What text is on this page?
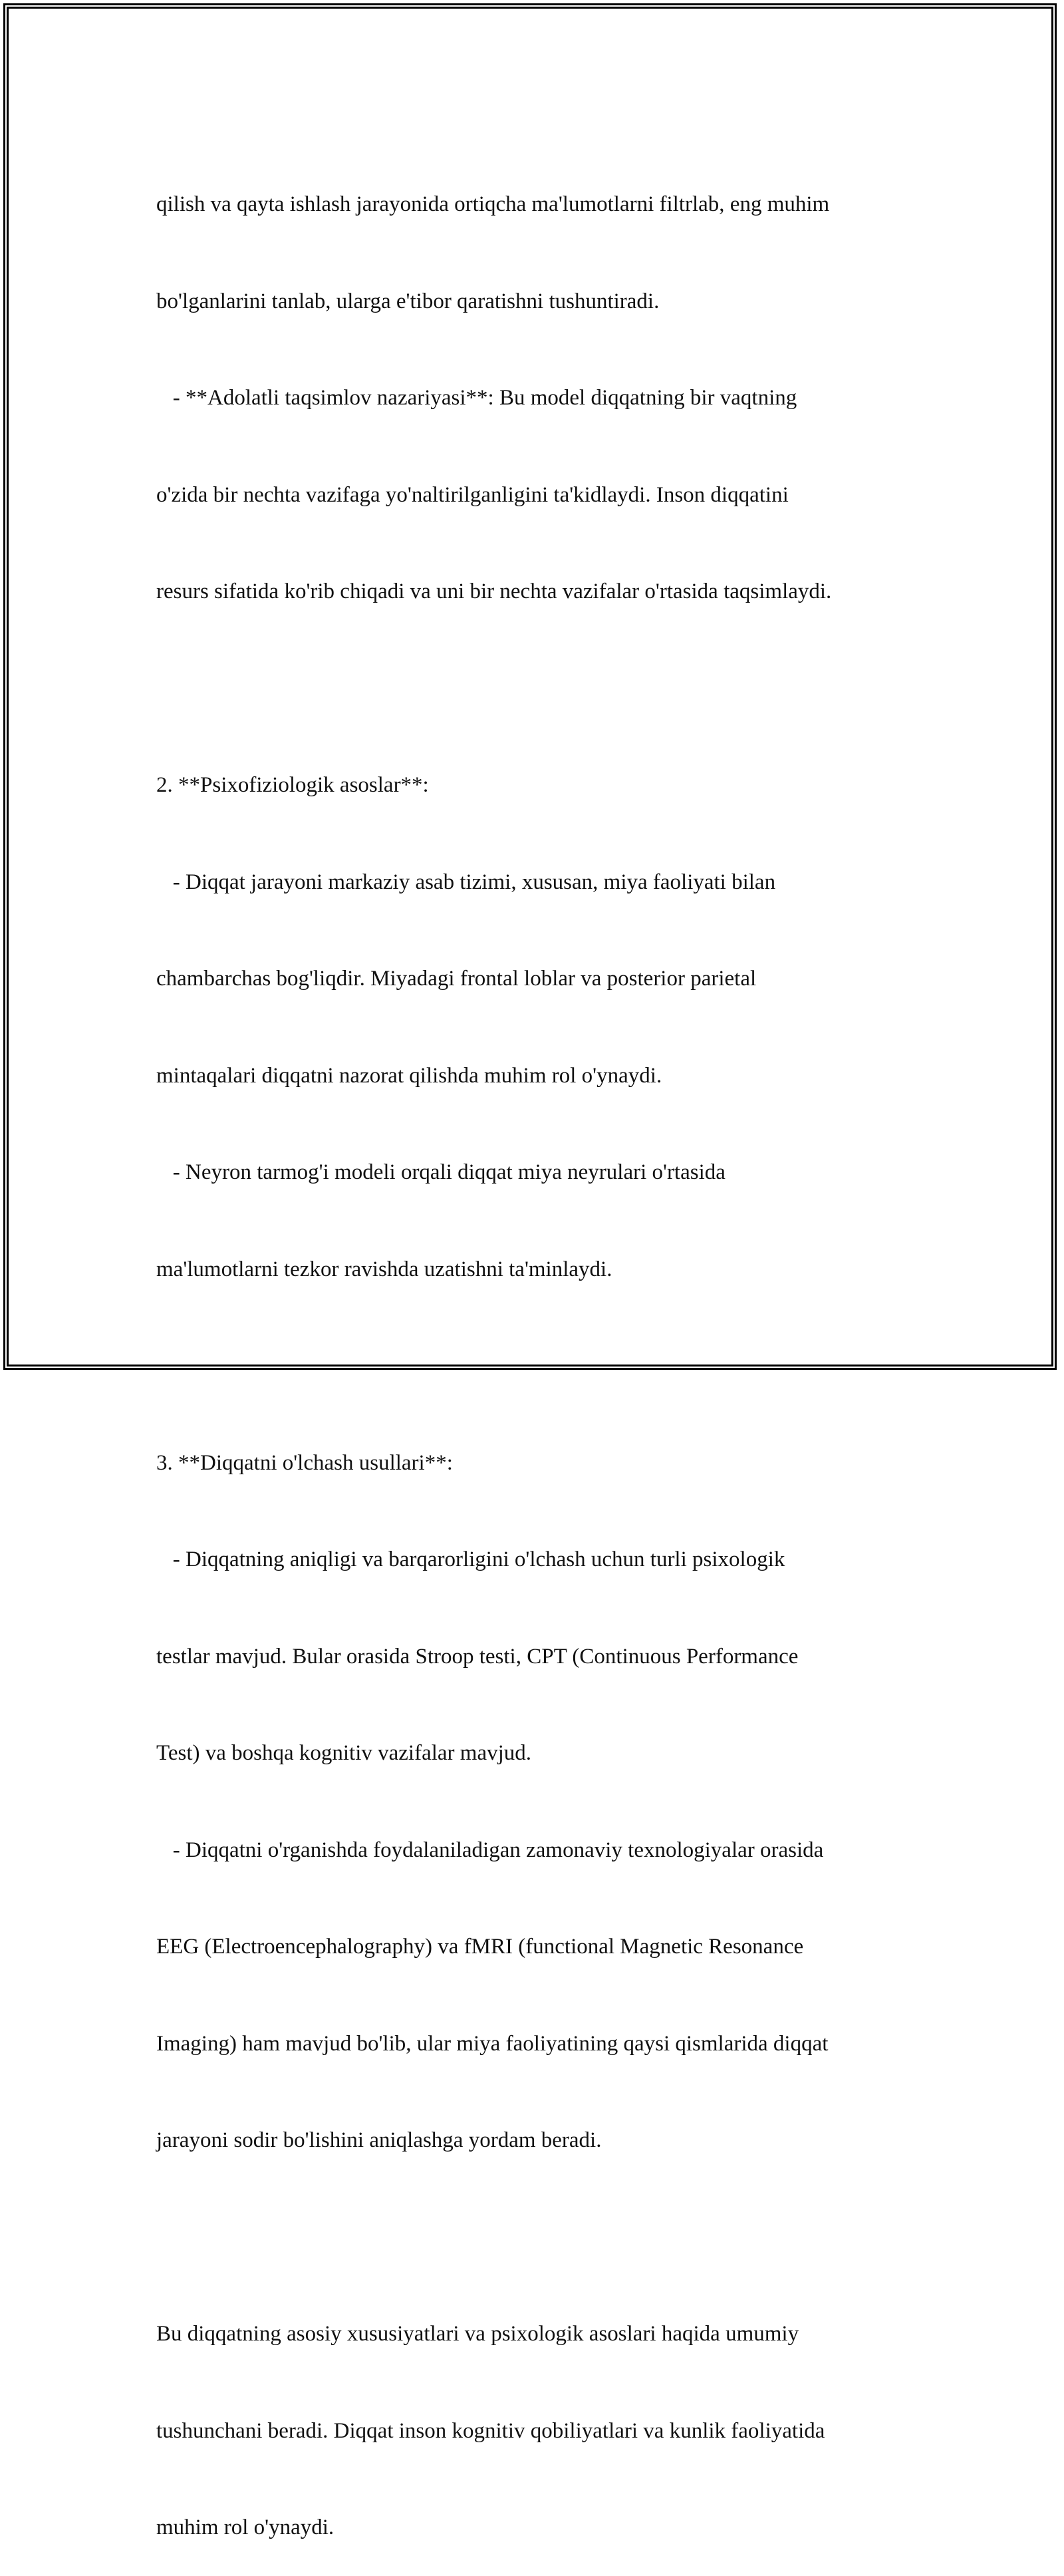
qilish va qayta ishlash jarayonida ortiqcha ma'lumotlarni filtrlab, eng muhim

bo'lganlarini tanlab, ularga e'tibor qaratishni tushuntiradi.

- **Adolatli taqsimlov nazariyasi**: Bu model diqqatning bir vaqtning

o'zida bir nechta vazifaga yo'naltirilganligini ta'kidlaydi. Inson diqqatini

resurs sifatida ko'rib chiqadi va uni bir nechta vazifalar o'rtasida taqsimlaydi.

2. **Psixofiziologik asoslar**:

- Diqqat jarayoni markaziy asab tizimi, xususan, miya faoliyati bilan

chambarchas bog'liqdir. Miyadagi frontal loblar va posterior parietal

mintaqalari diqqatni nazorat qilishda muhim rol o'ynaydi.

- Neyron tarmog'i modeli orqali diqqat miya neyrulari o'rtasida

ma'lumotlarni tezkor ravishda uzatishni ta'minlaydi.

3. **Diqqatni o'lchash usullari**:

- Diqqatning aniqligi va barqarorligini o'lchash uchun turli psixologik

testlar mavjud. Bular orasida Stroop testi, CPT (Continuous Performance

Test) va boshqa kognitiv vazifalar mavjud.

- Diqqatni o'rganishda foydalaniladigan zamonaviy texnologiyalar orasida

EEG (Electroencephalography) va fMRI (functional Magnetic Resonance

Imaging) ham mavjud bo'lib, ular miya faoliyatining qaysi qismlarida diqqat

jarayoni sodir bo'lishini aniqlashga yordam beradi.

Bu diqqatning asosiy xususiyatlari va psixologik asoslari haqida umumiy

tushunchani beradi. Diqqat inson kognitiv qobiliyatlari va kunlik faoliyatida

muhim rol o'ynaydi.
